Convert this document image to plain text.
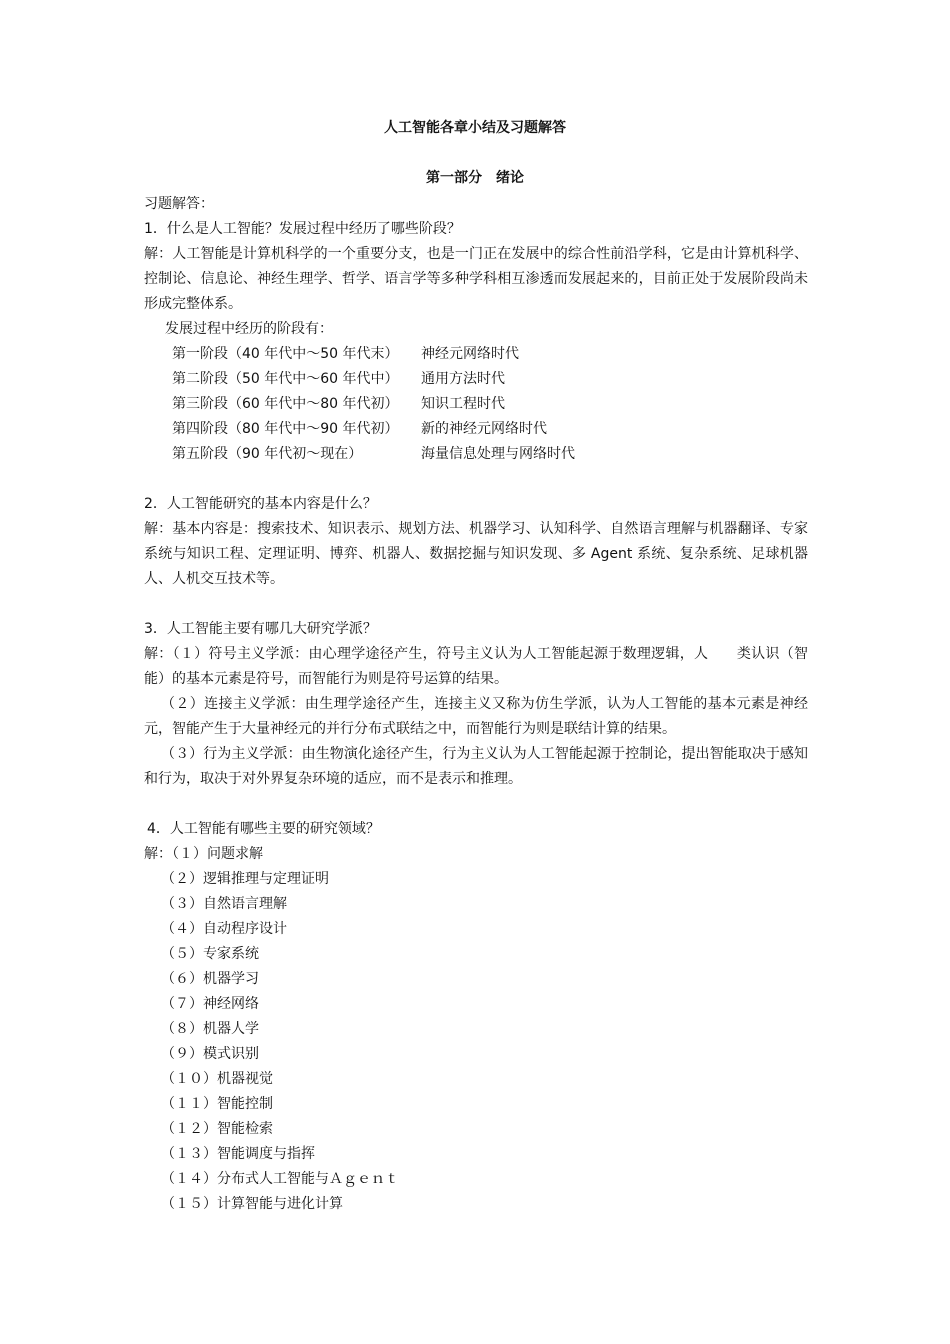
人工智能各章小结及习题解答
第一部分　绪论
习题解答：
1．什么是人工智能？发展过程中经历了哪些阶段？
解：人工智能是计算机科学的一个重要分支，也是一门正在发展中的综合性前沿学科，它是由计算机科学、控制论、信息论、神经生理学、哲学、语言学等多种学科相互渗透而发展起来的，目前正处于发展阶段尚未形成完整体系。
发展过程中经历的阶段有：
第一阶段（40 年代中～50 年代末）	神经元网络时代
第二阶段（50 年代中～60 年代中）	通用方法时代
第三阶段（60 年代中～80 年代初）	知识工程时代
第四阶段（80 年代中～90 年代初）	新的神经元网络时代
第五阶段（90 年代初～现在）	海量信息处理与网络时代
2．人工智能研究的基本内容是什么？
解：基本内容是：搜索技术、知识表示、规划方法、机器学习、认知科学、自然语言理解与机器翻译、专家系统与知识工程、定理证明、博弈、机器人、数据挖掘与知识发现、多 Agent 系统、复杂系统、足球机器人、人机交互技术等。
3．人工智能主要有哪几大研究学派？
解：（１）符号主义学派：由心理学途径产生，符号主义认为人工智能起源于数理逻辑，人　　类认识（智能）的基本元素是符号，而智能行为则是符号运算的结果。
（２）连接主义学派：由生理学途径产生，连接主义又称为仿生学派，认为人工智能的基本元素是神经元，智能产生于大量神经元的并行分布式联结之中，而智能行为则是联结计算的结果。
（３）行为主义学派：由生物演化途径产生，行为主义认为人工智能起源于控制论，提出智能取决于感知和行为，取决于对外界复杂环境的适应，而不是表示和推理。
4．人工智能有哪些主要的研究领域？
解：（１）问题求解
（２）逻辑推理与定理证明
（３）自然语言理解
（４）自动程序设计
（５）专家系统
（６）机器学习
（７）神经网络
（８）机器人学
（９）模式识别
（１０）机器视觉
（１１）智能控制
（１２）智能检索
（１３）智能调度与指挥
（１４）分布式人工智能与Ａｇｅｎｔ
（１５）计算智能与进化计算
